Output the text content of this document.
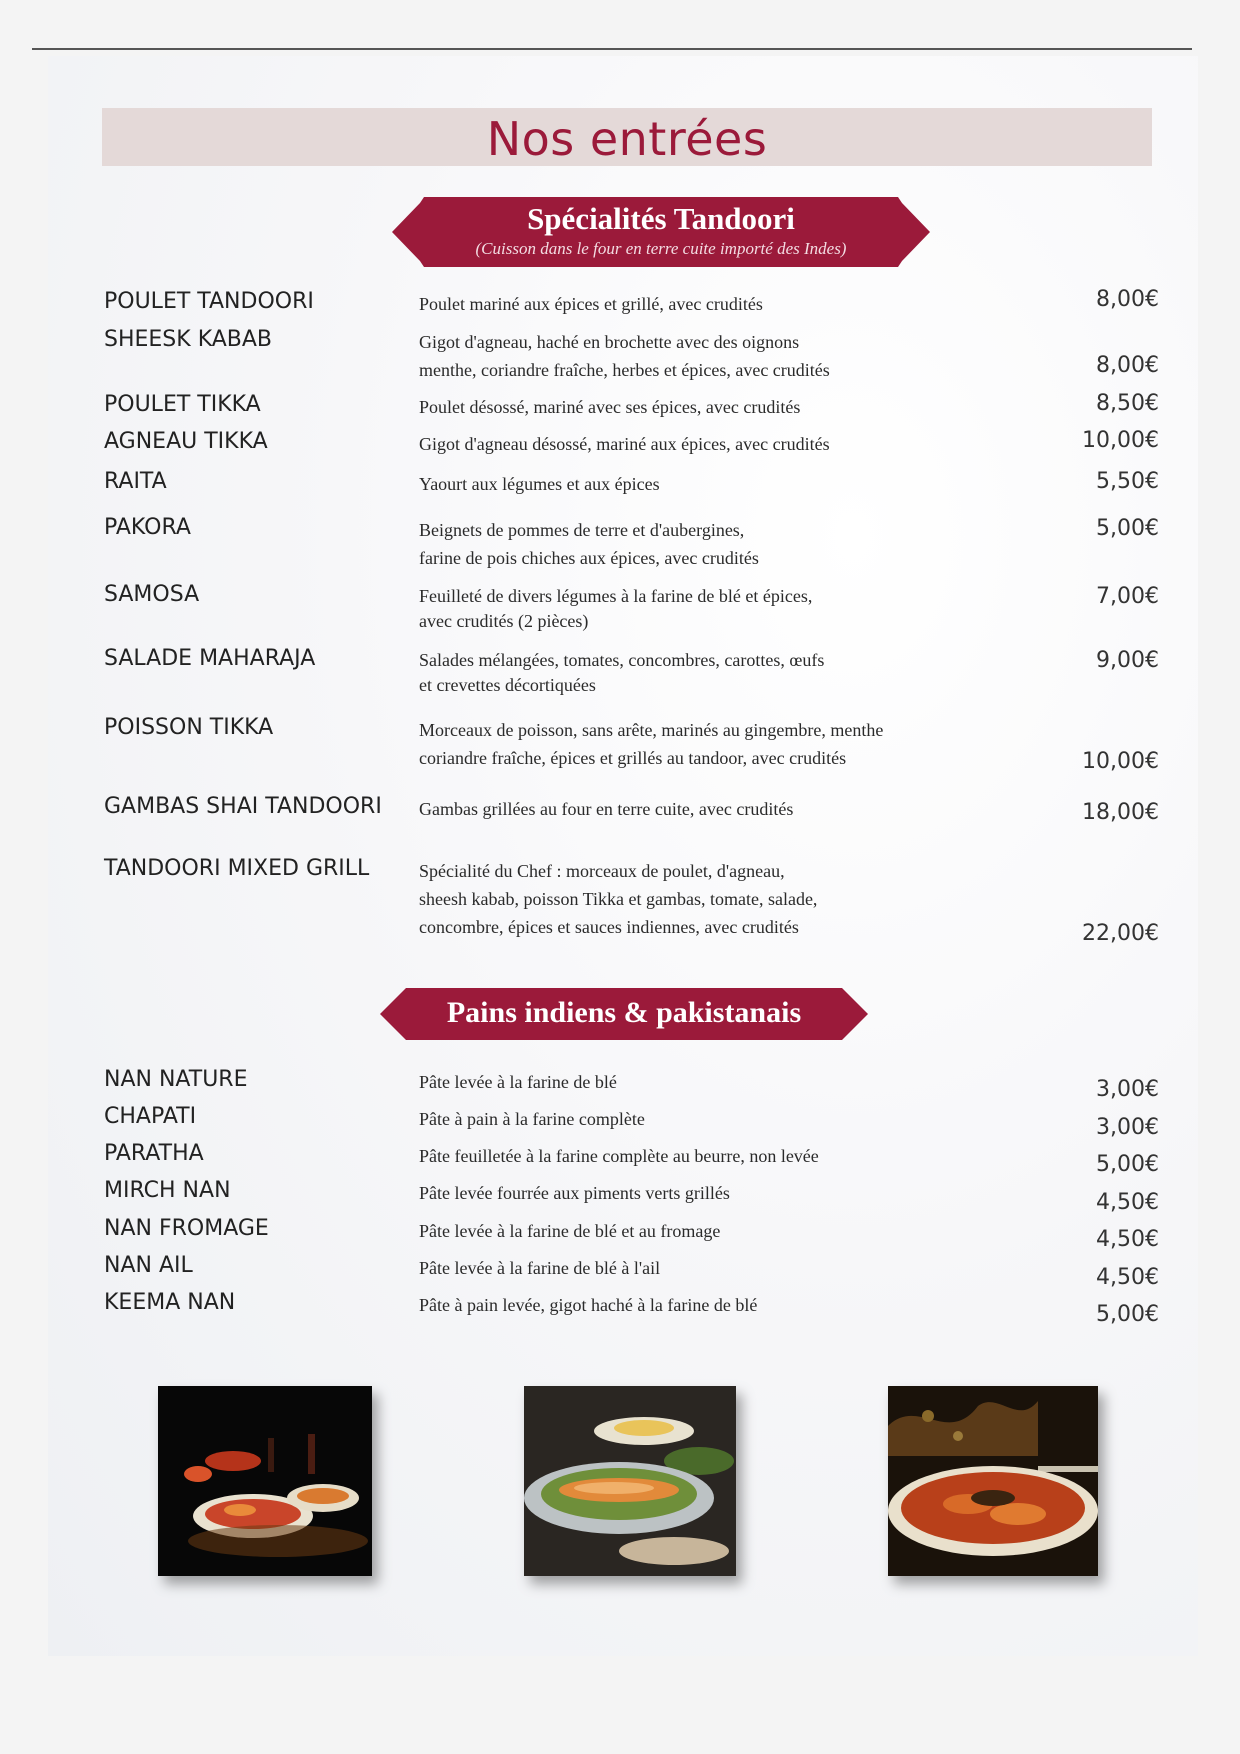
Nos entrées
Spécialités Tandoori
(Cuisson dans le four en terre cuite importé des Indes)
POULET TANDOORI	Poulet mariné aux épices et grillé, avec crudités	8,00€
SHEESK KABAB	Gigot d'agneau, haché en brochette avec des oignons
menthe, coriandre fraîche, herbes et épices, avec crudités	8,00€
POULET TIKKA	Poulet désossé, mariné avec ses épices, avec crudités	8,50€
AGNEAU TIKKA	Gigot d'agneau désossé, mariné aux épices, avec crudités	10,00€
RAITA	Yaourt aux légumes et aux épices	5,50€
PAKORA	Beignets de pommes de terre et d'aubergines,
farine de pois chiches aux épices, avec crudités
5,00€
SAMOSA	Feuilleté de divers légumes à la farine de blé et épices,
avec crudités (2 pièces)
7,00€
SALADE MAHARAJA	Salades mélangées, tomates, concombres, carottes, œufs
et crevettes décortiquées
9,00€
POISSON TIKKA	Morceaux de poisson, sans arête, marinés au gingembre, menthe
coriandre fraîche, épices et grillés au tandoor, avec crudités	10,00€
GAMBAS SHAI TANDOORI Gambas grillées au four en terre cuite, avec crudités	18,00€
TANDOORI MIXED GRILL	Spécialité du Chef : morceaux de poulet, d'agneau,
sheesh kabab, poisson Tikka et gambas, tomate, salade,
concombre, épices et sauces indiennes, avec crudités	22,00€
Pains indiens & pakistanais
NAN NATURE	Pâte levée à la farine de blé	3,00€
CHAPATI	Pâte à pain à la farine complète	3,00€
PARATHA	Pâte feuilletée à la farine complète au beurre, non levée	5,00€
MIRCH NAN	Pâte levée fourrée aux piments verts grillés	4,50€
NAN FROMAGE	Pâte levée à la farine de blé et au fromage	4,50€
NAN AIL	Pâte levée à la farine de blé à l'ail	4,50€
KEEMA NAN	Pâte à pain levée, gigot haché à la farine de blé	5,00€
